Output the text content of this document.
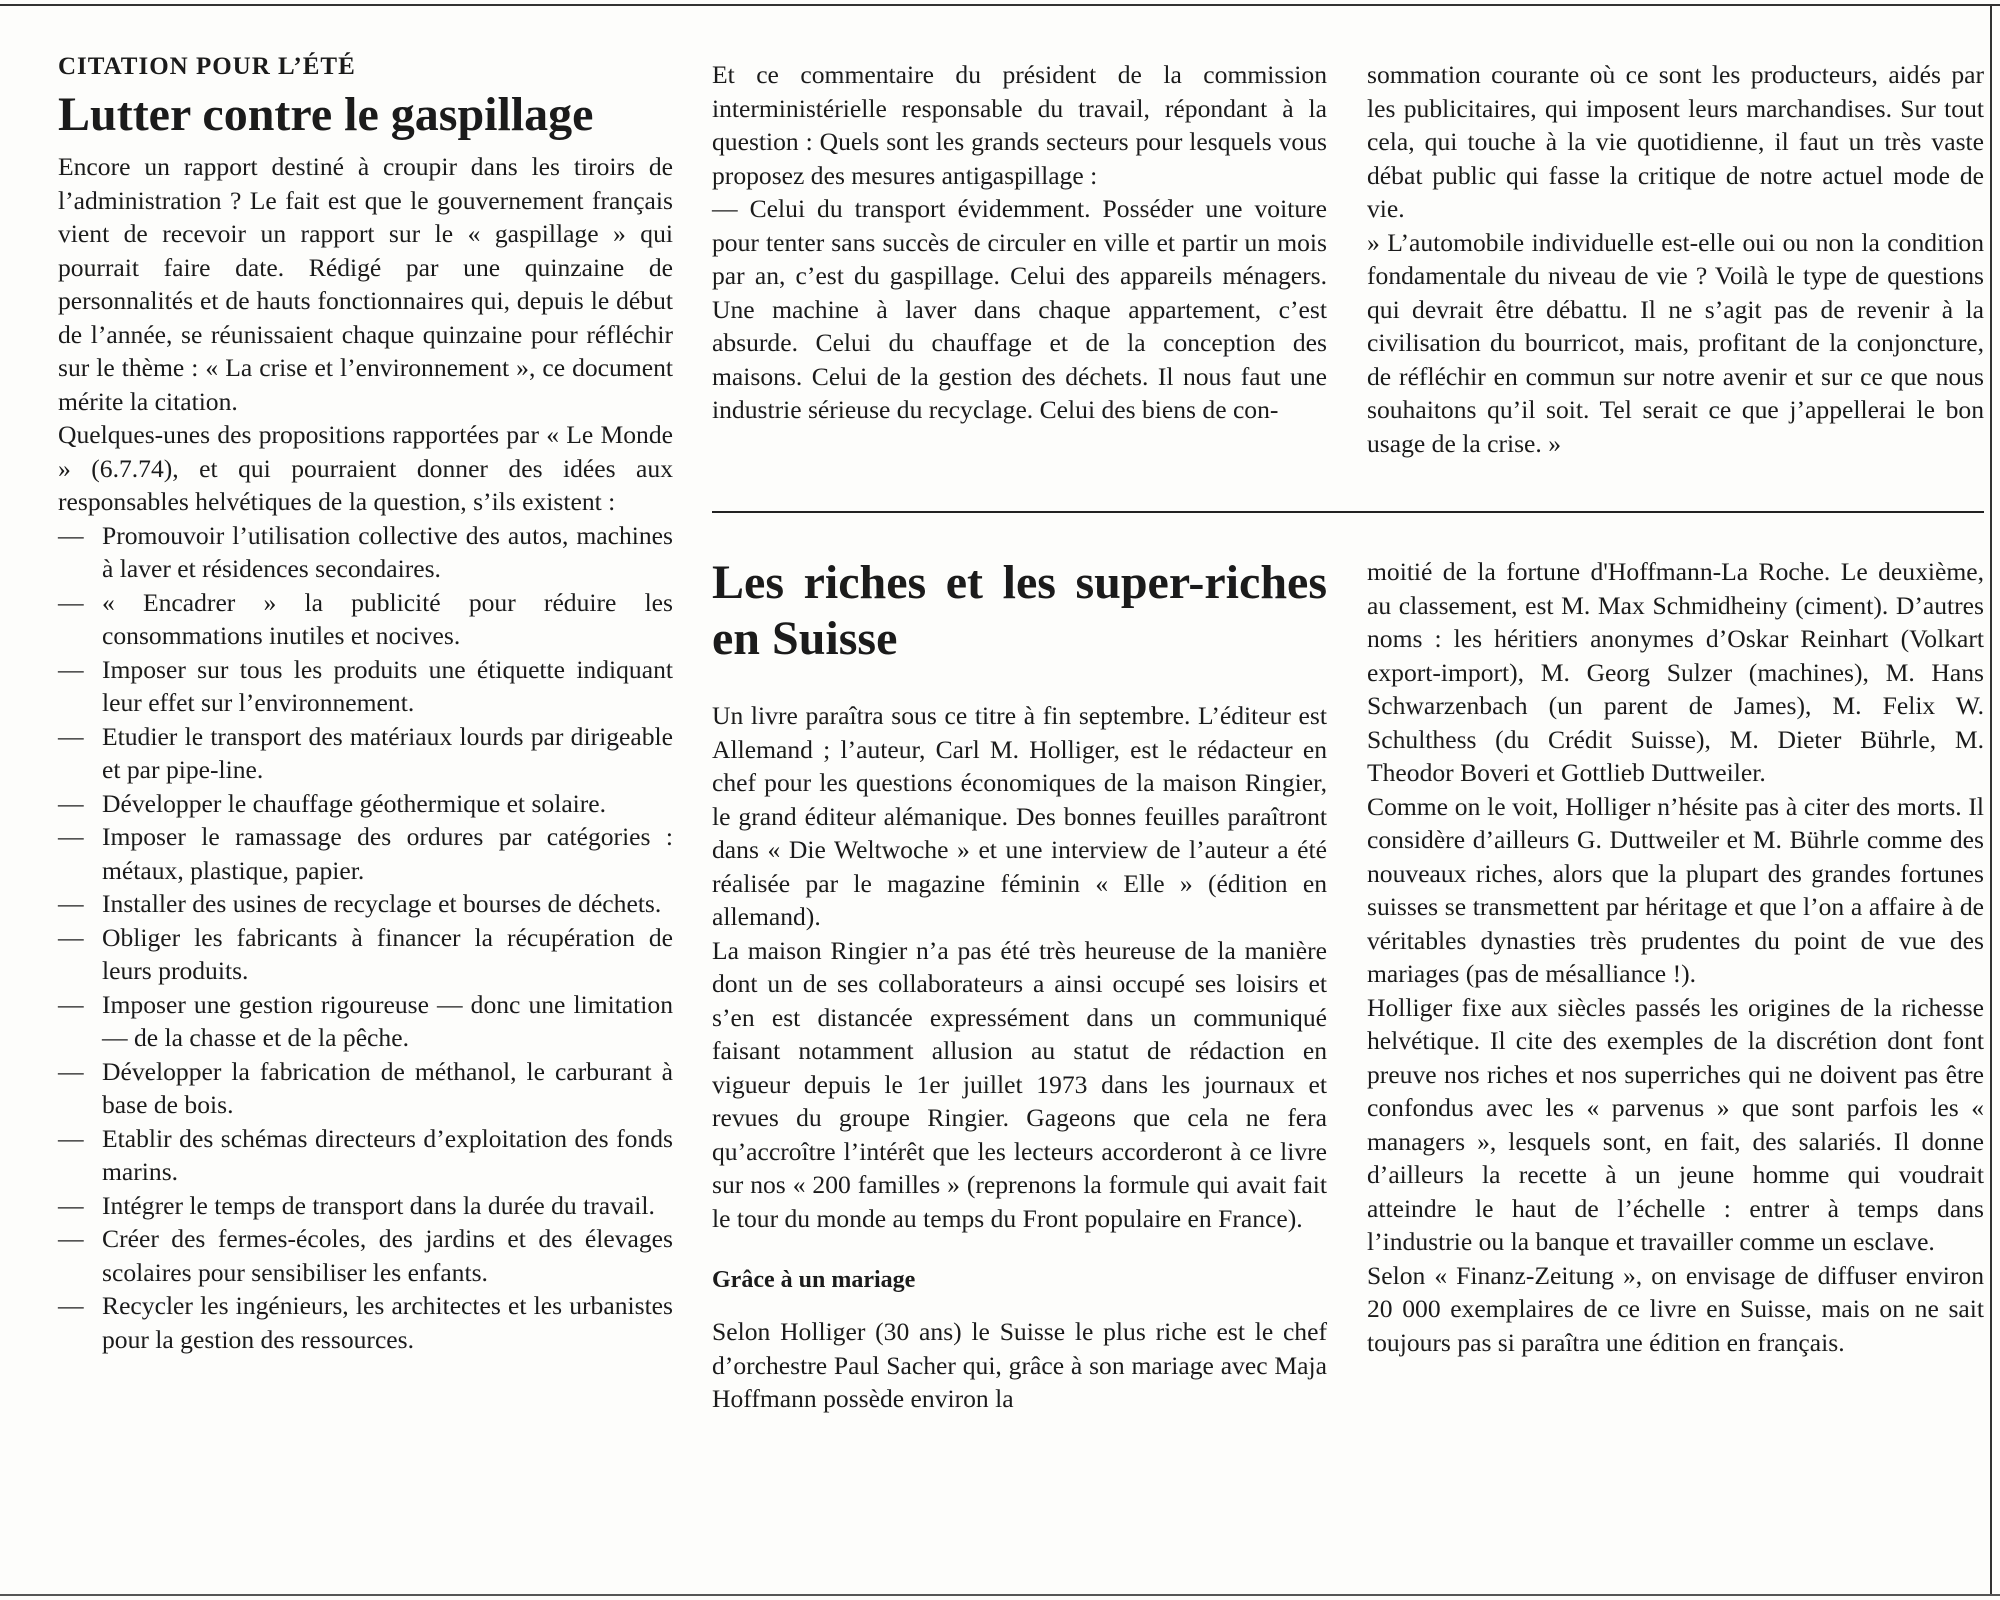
CITATION POUR L’ÉTÉ
Lutter contre le gaspillage

Encore un rapport destiné à croupir dans les tiroirs de l’administration ? Le fait est que le gouvernement français vient de recevoir un rapport sur le « gaspillage » qui pourrait faire date. Rédigé par une quinzaine de personnalités et de hauts fonctionnaires qui, depuis le début de l’année, se réunissaient chaque quinzaine pour réfléchir sur le thème : « La crise et l’environnement », ce document mérite la citation.

Quelques-unes des propositions rapportées par « Le Monde » (6.7.74), et qui pourraient donner des idées aux responsables helvétiques de la question, s’ils existent :

— Promouvoir l’utilisation collective des autos, machines à laver et résidences secondaires.
— « Encadrer » la publicité pour réduire les consommations inutiles et nocives.
— Imposer sur tous les produits une étiquette indiquant leur effet sur l’environnement.
— Etudier le transport des matériaux lourds par dirigeable et par pipe-line.
— Développer le chauffage géothermique et solaire.
— Imposer le ramassage des ordures par catégories : métaux, plastique, papier.
— Installer des usines de recyclage et bourses de déchets.
— Obliger les fabricants à financer la récupération de leurs produits.
— Imposer une gestion rigoureuse — donc une limitation — de la chasse et de la pêche.
— Développer la fabrication de méthanol, le carburant à base de bois.
— Etablir des schémas directeurs d’exploitation des fonds marins.
— Intégrer le temps de transport dans la durée du travail.
— Créer des fermes-écoles, des jardins et des élevages scolaires pour sensibiliser les enfants.
— Recycler les ingénieurs, les architectes et les urbanistes pour la gestion des ressources.

Et ce commentaire du président de la commission interministérielle responsable du travail, répondant à la question : Quels sont les grands secteurs pour lesquels vous proposez des mesures antigaspillage :

— Celui du transport évidemment. Posséder une voiture pour tenter sans succès de circuler en ville et partir un mois par an, c’est du gaspillage. Celui des appareils ménagers. Une machine à laver dans chaque appartement, c’est absurde. Celui du chauffage et de la conception des maisons. Celui de la gestion des déchets. Il nous faut une industrie sérieuse du recyclage. Celui des biens de con-

sommation courante où ce sont les producteurs, aidés par les publicitaires, qui imposent leurs marchandises. Sur tout cela, qui touche à la vie quotidienne, il faut un très vaste débat public qui fasse la critique de notre actuel mode de vie.

» L’automobile individuelle est-elle oui ou non la condition fondamentale du niveau de vie ? Voilà le type de questions qui devrait être débattu. Il ne s’agit pas de revenir à la civilisation du bourricot, mais, profitant de la conjoncture, de réfléchir en commun sur notre avenir et sur ce que nous souhaitons qu’il soit. Tel serait ce que j’appellerai le bon usage de la crise. »

Les riches et les super-riches en Suisse

Un livre paraîtra sous ce titre à fin septembre. L’éditeur est Allemand ; l’auteur, Carl M. Holliger, est le rédacteur en chef pour les questions économiques de la maison Ringier, le grand éditeur alémanique. Des bonnes feuilles paraîtront dans « Die Weltwoche » et une interview de l’auteur a été réalisée par le magazine féminin « Elle » (édition en allemand).

La maison Ringier n’a pas été très heureuse de la manière dont un de ses collaborateurs a ainsi occupé ses loisirs et s’en est distancée expressément dans un communiqué faisant notamment allusion au statut de rédaction en vigueur depuis le 1er juillet 1973 dans les journaux et revues du groupe Ringier. Gageons que cela ne fera qu’accroître l’intérêt que les lecteurs accorderont à ce livre sur nos « 200 familles » (reprenons la formule qui avait fait le tour du monde au temps du Front populaire en France).

Grâce à un mariage

Selon Holliger (30 ans) le Suisse le plus riche est le chef d’orchestre Paul Sacher qui, grâce à son mariage avec Maja Hoffmann possède environ la

moitié de la fortune d'Hoffmann-La Roche. Le deuxième, au classement, est M. Max Schmidheiny (ciment). D’autres noms : les héritiers anonymes d’Oskar Reinhart (Volkart export-import), M. Georg Sulzer (machines), M. Hans Schwarzenbach (un parent de James), M. Felix W. Schulthess (du Crédit Suisse), M. Dieter Bührle, M. Theodor Boveri et Gottlieb Duttweiler.

Comme on le voit, Holliger n’hésite pas à citer des morts. Il considère d’ailleurs G. Duttweiler et M. Bührle comme des nouveaux riches, alors que la plupart des grandes fortunes suisses se transmettent par héritage et que l’on a affaire à de véritables dynasties très prudentes du point de vue des mariages (pas de mésalliance !).

Holliger fixe aux siècles passés les origines de la richesse helvétique. Il cite des exemples de la discrétion dont font preuve nos riches et nos superriches qui ne doivent pas être confondus avec les « parvenus » que sont parfois les « managers », lesquels sont, en fait, des salariés. Il donne d’ailleurs la recette à un jeune homme qui voudrait atteindre le haut de l’échelle : entrer à temps dans l’industrie ou la banque et travailler comme un esclave.

Selon « Finanz-Zeitung », on envisage de diffuser environ 20 000 exemplaires de ce livre en Suisse, mais on ne sait toujours pas si paraîtra une édition en français.
